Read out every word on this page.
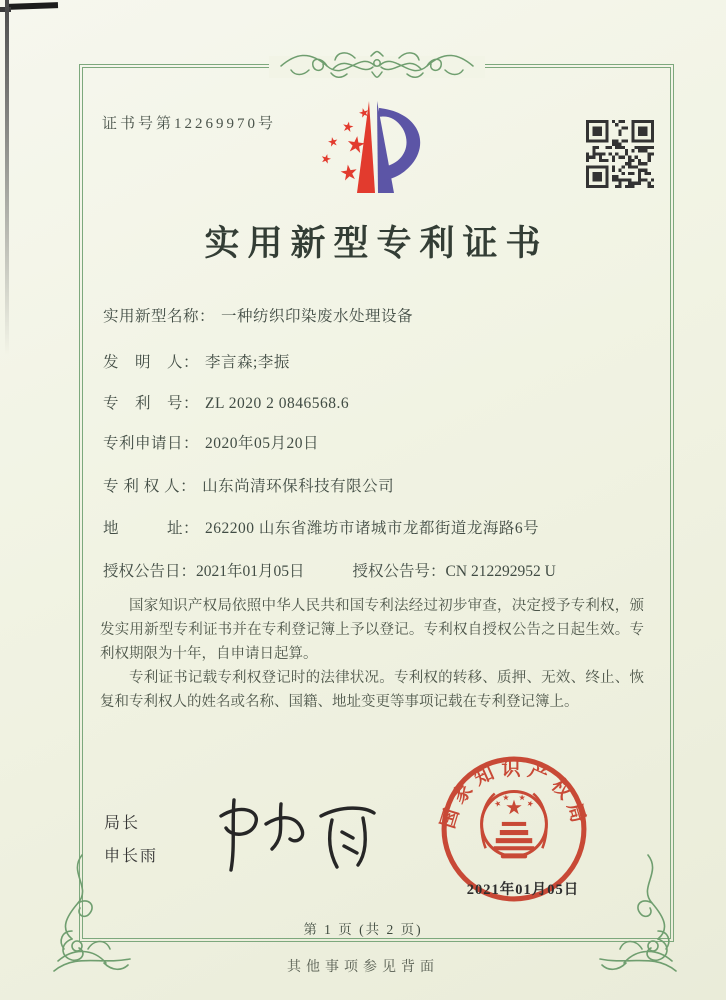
证书号第12269970号
实用新型专利证书
实用新型名称： 一种纺织印染废水处理设备
发　明　人： 李言森;李振
专　利　号： ZL 2020 2 0846568.6
专利申请日： 2020年05月20日
专 利 权 人： 山东尚清环保科技有限公司
地　　　址： 262200 山东省潍坊市诸城市龙都街道龙海路6号
授权公告日：2021年01月05日	授权公告号：CN 212292952 U

国家知识产权局依照中华人民共和国专利法经过初步审查，决定授予专利权，颁发实用新型专利证书并在专利登记簿上予以登记。专利权自授权公告之日起生效。专利权期限为十年，自申请日起算。

专利证书记载专利权登记时的法律状况。专利权的转移、质押、无效、终止、恢复和专利权人的姓名或名称、国籍、地址变更等事项记载在专利登记簿上。

局长
申长雨
国家知识产权局
2021年01月05日
第 1 页 (共 2 页)
其他事项参见背面
